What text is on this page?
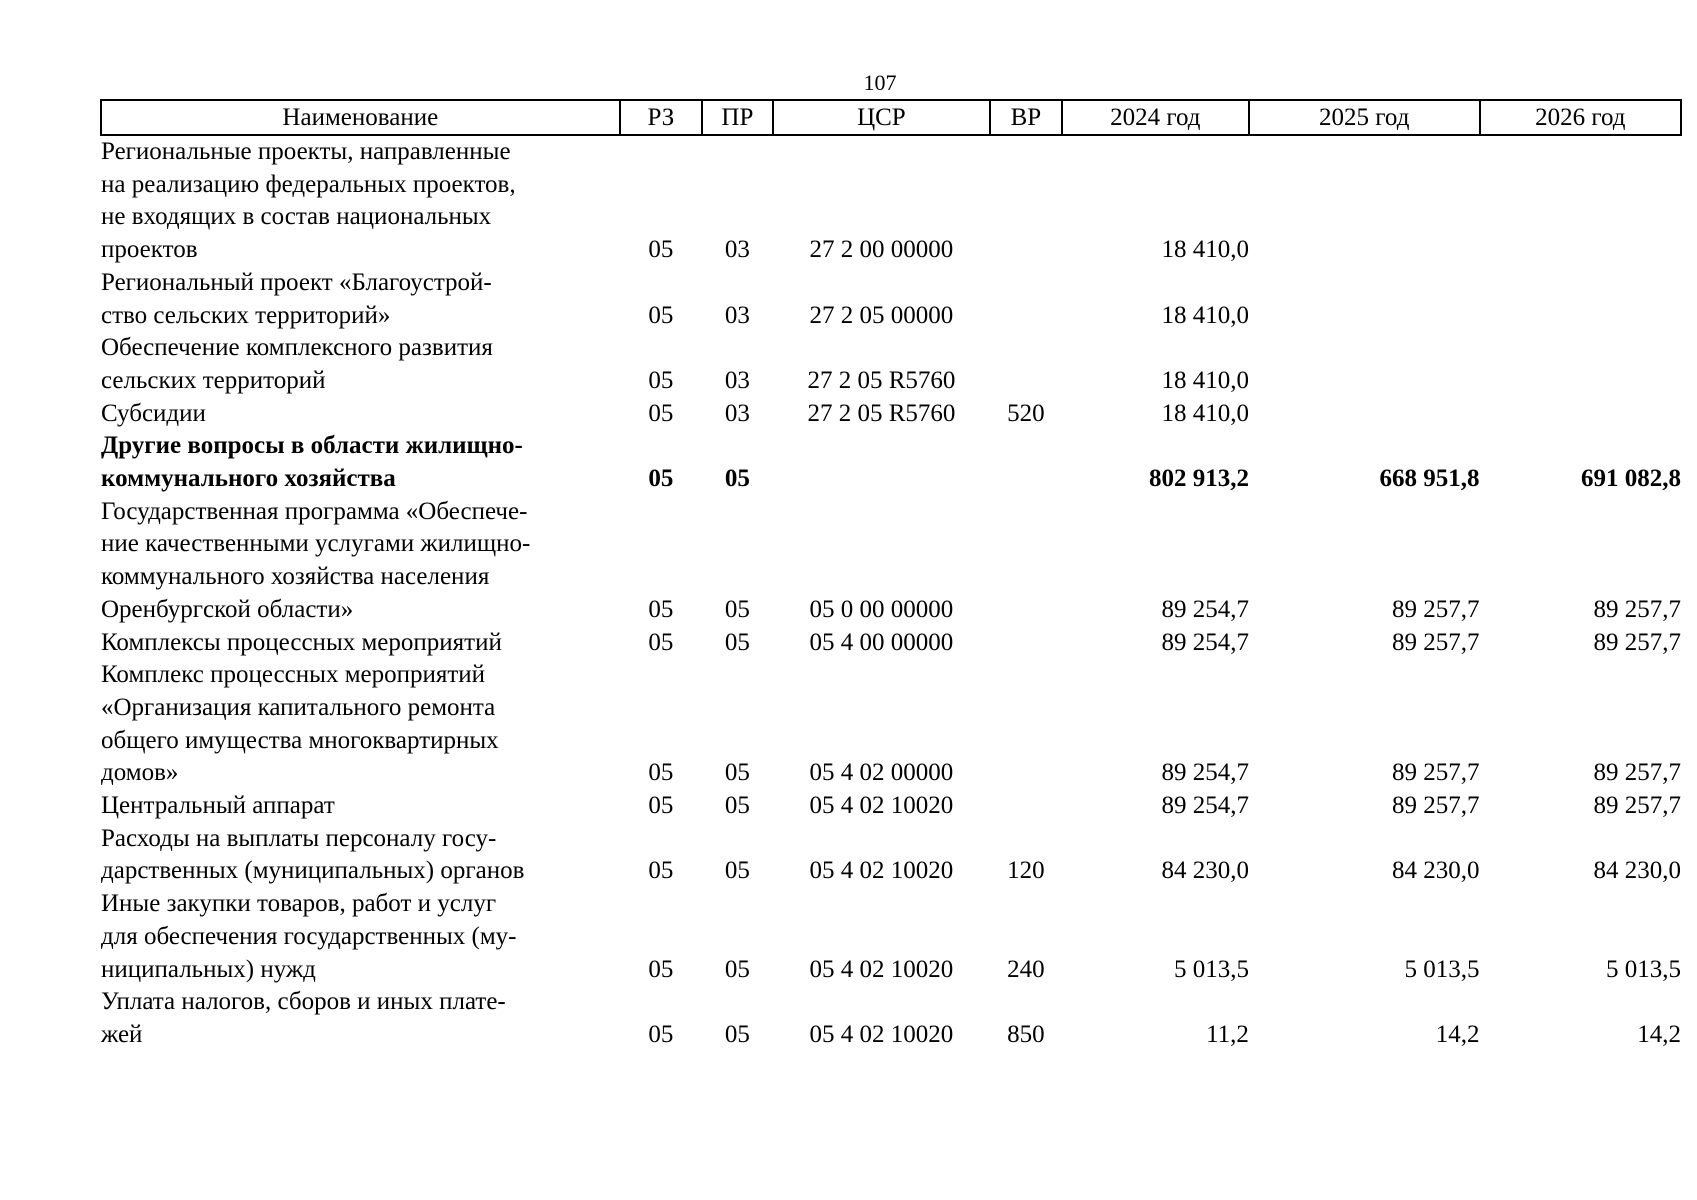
107
Наименование	РЗ	ПР	ЦСР	ВР	2024 год	2025 год	2026 год

Региональные проекты, направленные
на реализацию федеральных проектов,
не входящих в состав национальных
проектов	05	03	27 2 00 00000		18 410,0		

Региональный проект «Благоустрой-
ство сельских территорий»	05	03	27 2 05 00000		18 410,0		

Обеспечение комплексного развития
сельских территорий	05	03	27 2 05 R5760		18 410,0		

Субсидии	05	03	27 2 05 R5760	520	18 410,0		

Другие вопросы в области жилищно-
коммунального хозяйства	05	05			802 913,2	668 951,8	691 082,8

Государственная программа «Обеспече-
ние качественными услугами жилищно-
коммунального хозяйства населения
Оренбургской области»	05	05	05 0 00 00000		89 254,7	89 257,7	89 257,7

Комплексы процессных мероприятий	05	05	05 4 00 00000		89 254,7	89 257,7	89 257,7

Комплекс процессных мероприятий
«Организация капитального ремонта
общего имущества многоквартирных
домов»	05	05	05 4 02 00000		89 254,7	89 257,7	89 257,7

Центральный аппарат	05	05	05 4 02 10020		89 254,7	89 257,7	89 257,7

Расходы на выплаты персоналу госу-
дарственных (муниципальных) органов	05	05	05 4 02 10020	120	84 230,0	84 230,0	84 230,0

Иные закупки товаров, работ и услуг
для обеспечения государственных (му-
ниципальных) нужд	05	05	05 4 02 10020	240	5 013,5	5 013,5	5 013,5

Уплата налогов, сборов и иных плате-
жей	05	05	05 4 02 10020	850	11,2	14,2	14,2
